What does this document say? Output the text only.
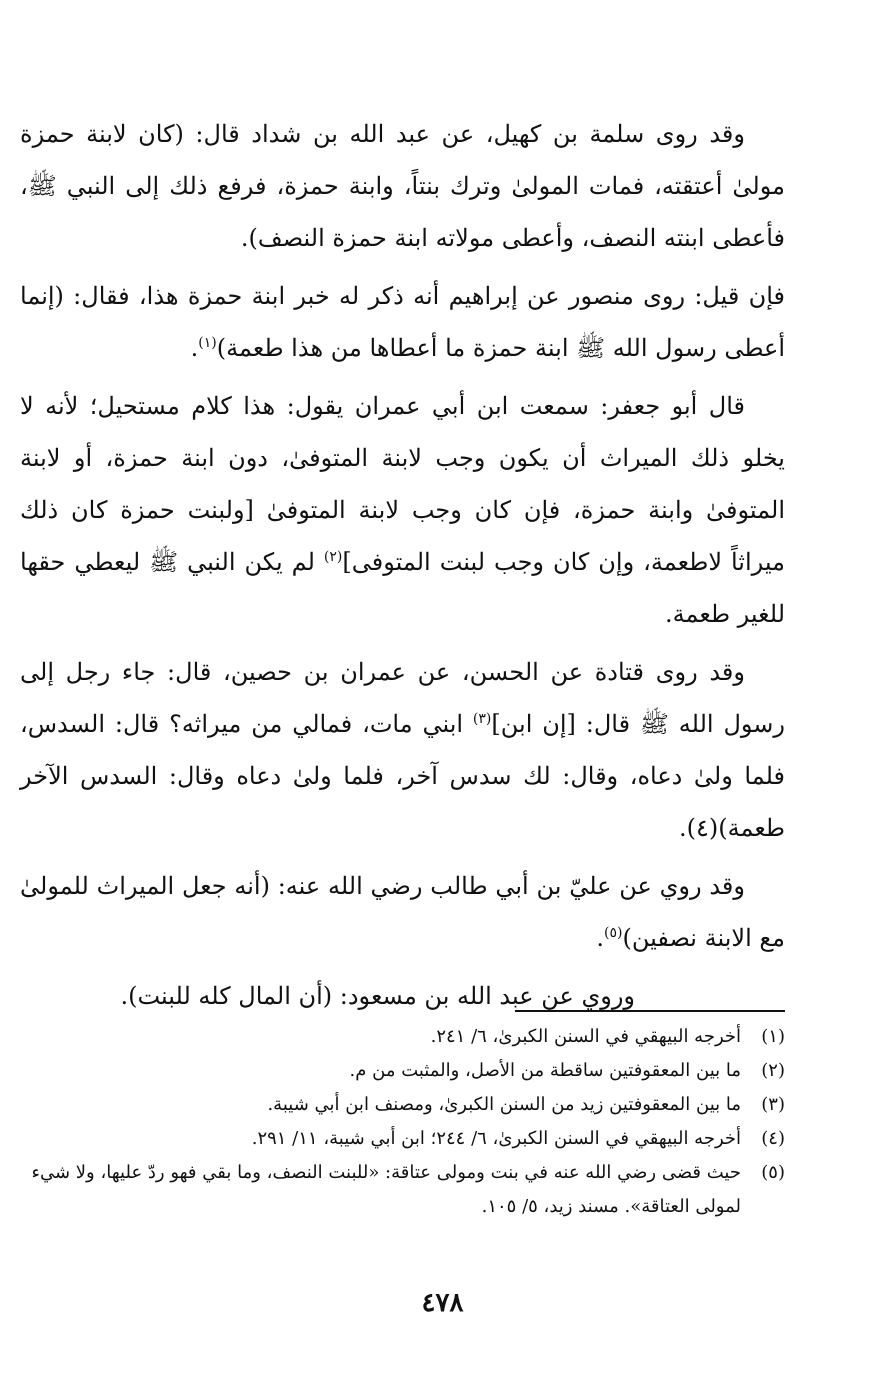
وقد روى سلمة بن كهيل، عن عبد الله بن شداد قال: (كان لابنة حمزة مولىٰ أعتقته، فمات المولىٰ وترك بنتاً، وابنة حمزة، فرفع ذلك إلى النبي ﷺ، فأعطى ابنته النصف، وأعطى مولاته ابنة حمزة النصف).

فإن قيل: روى منصور عن إبراهيم أنه ذكر له خبر ابنة حمزة هذا، فقال: (إنما أعطى رسول الله ﷺ ابنة حمزة ما أعطاها من هذا طعمة)$^{(١)}$.

قال أبو جعفر: سمعت ابن أبي عمران يقول: هذا كلام مستحيل؛ لأنه لا يخلو ذلك الميراث أن يكون وجب لابنة المتوفىٰ، دون ابنة حمزة، أو لابنة المتوفىٰ وابنة حمزة، فإن كان وجب لابنة المتوفىٰ [ولبنت حمزة كان ذلك ميراثاً لاطعمة، وإن كان وجب لبنت المتوفى]$^{(٢)}$ لم يكن النبي ﷺ ليعطي حقها للغير طعمة.

وقد روى قتادة عن الحسن، عن عمران بن حصين، قال: جاء رجل إلى رسول الله ﷺ قال: [إن ابن]$^{(٣)}$ ابني مات، فمالي من ميراثه؟ قال: السدس، فلما ولىٰ دعاه، وقال: لك سدس آخر، فلما ولىٰ دعاه وقال: السدس الآخر طعمة)(٤).

وقد روي عن عليّ بن أبي طالب رضي الله عنه: (أنه جعل الميراث للمولىٰ مع الابنة نصفين)$^{(٥)}$.

وروي عن عبد الله بن مسعود: (أن المال كله للبنت).

(١)
أخرجه البيهقي في السنن الكبرىٰ، ٦/ ٢٤١.
(٢)
ما بين المعقوفتين ساقطة من الأصل، والمثبت من م.
(٣)
ما بين المعقوفتين زيد من السنن الكبرىٰ، ومصنف ابن أبي شيبة.
(٤)
أخرجه البيهقي في السنن الكبرىٰ، ٦/ ٢٤٤؛ ابن أبي شيبة، ١١/ ٢٩١.
(٥)
حيث قضى رضي الله عنه في بنت ومولى عتاقة: «للبنت النصف، وما بقي فهو ردّ عليها، ولا شيء لمولى العتاقة». مسند زيد، ٥/ ١٠٥.
٤٧٨
